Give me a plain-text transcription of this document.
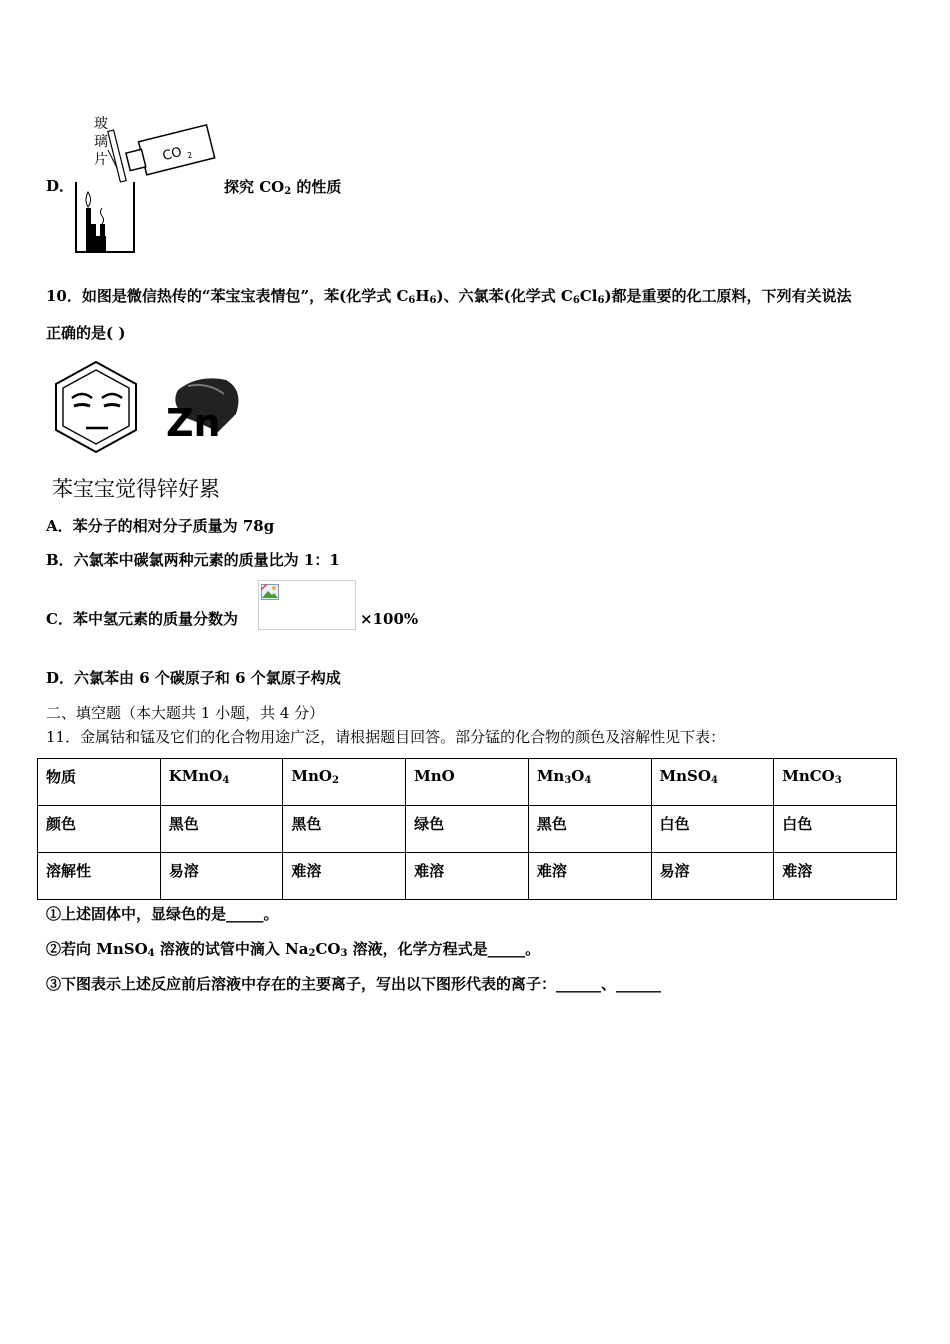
D．
玻
璃
片	CO 2
探究 $CO_2$ 的性质
10．如图是微信热传的“苯宝宝表情包”，苯(化学式 $C_6H_6$)、六氯苯(化学式 $C_6Cl_6$)都是重要的化工原料，下列有关说法
正确的是( )
Zn
苯宝宝觉得锌好累
A．苯分子的相对分子质量为 78g
B．六氯苯中碳氯两种元素的质量比为 1：1
C．苯中氢元素的质量分数为	×100%
D．六氯苯由 6 个碳原子和 6 个氯原子构成
二、填空题（本大题共 1 小题，共 4 分）
11．金属钴和锰及它们的化合物用途广泛，请根据题目回答。部分锰的化合物的颜色及溶解性见下表：
物质	KMnO$_4$	MnO$_2$	MnO	$Mn_3O_4$	MnSO$_4$	MnCO$_3$
颜色	黑色	黑色	绿色	黑色	白色	白色
溶解性	易溶	难溶	难溶	难溶	易溶	难溶
①上述固体中，显绿色的是_____。
②若向 MnSO$_4$ 溶液的试管中滴入 $Na_2CO_3$ 溶液，化学方程式是_____。
③下图表示上述反应前后溶液中存在的主要离子，写出以下图形代表的离子：______、______
